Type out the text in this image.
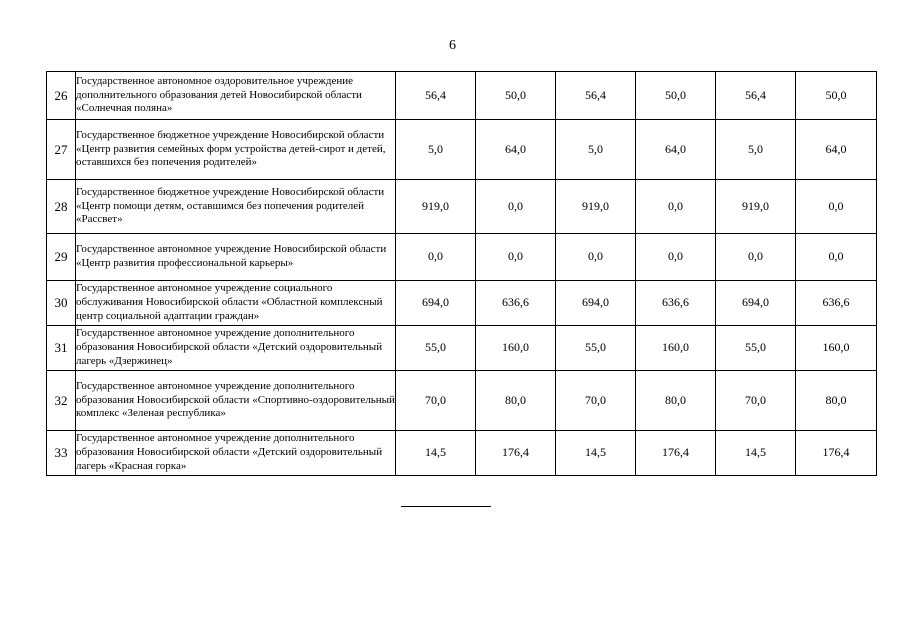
6
26	Государственное автономное оздоровительное учреждение дополнительного образования детей Новосибирской области «Солнечная поляна»	56,4	50,0	56,4	50,0	56,4	50,0
27	Государственное бюджетное учреждение Новосибирской области «Центр развития семейных форм устройства детей-сирот и детей, оставшихся без попечения родителей»	5,0	64,0	5,0	64,0	5,0	64,0
28	Государственное бюджетное учреждение Новосибирской области «Центр помощи детям, оставшимся без попечения родителей «Рассвет»	919,0	0,0	919,0	0,0	919,0	0,0
29	Государственное автономное учреждение Новосибирской области «Центр развития профессиональной карьеры»	0,0	0,0	0,0	0,0	0,0	0,0
30	Государственное автономное учреждение социального обслуживания Новосибирской области «Областной комплексный центр социальной адаптации граждан»	694,0	636,6	694,0	636,6	694,0	636,6
31	Государственное автономное учреждение дополнительного образования Новосибирской области «Детский оздоровительный лагерь «Дзержинец»	55,0	160,0	55,0	160,0	55,0	160,0
32	Государственное автономное учреждение дополнительного образования Новосибирской области «Спортивно-оздоровительный комплекс «Зеленая республика»	70,0	80,0	70,0	80,0	70,0	80,0
33	Государственное автономное учреждение дополнительного образования Новосибирской области «Детский оздоровительный лагерь «Красная горка»	14,5	176,4	14,5	176,4	14,5	176,4
